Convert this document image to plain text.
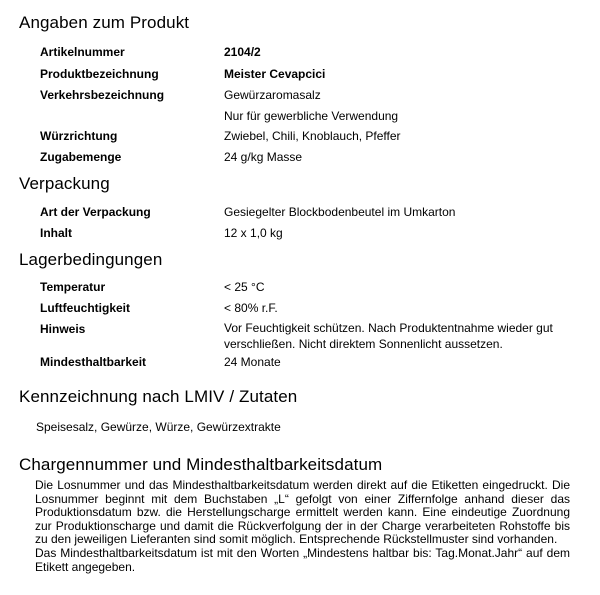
Angaben zum Produkt
Artikelnummer	2104/2
Produktbezeichnung	Meister Cevapcici
Verkehrsbezeichnung	Gewürzaromasalz
Nur für gewerbliche Verwendung
Würzrichtung	Zwiebel, Chili, Knoblauch, Pfeffer
Zugabemenge	24 g/kg Masse
Verpackung
Art der Verpackung	Gesiegelter Blockbodenbeutel im Umkarton
Inhalt	12 x 1,0 kg
Lagerbedingungen
Temperatur	< 25 °C
Luftfeuchtigkeit	< 80% r.F.
Hinweis	Vor Feuchtigkeit schützen. Nach Produktentnahme wieder gut verschließen. Nicht direktem Sonnenlicht aussetzen.
Mindesthaltbarkeit	24 Monate
Kennzeichnung nach LMIV / Zutaten
Speisesalz, Gewürze, Würze, Gewürzextrakte
Chargennummer und Mindesthaltbarkeitsdatum

Die Losnummer und das Mindesthaltbarkeitsdatum werden direkt auf die Etiketten eingedruckt. Die Losnummer beginnt mit dem Buchstaben „L“ gefolgt von einer Ziffernfolge anhand dieser das Produktionsdatum bzw. die Herstellungscharge ermittelt werden kann. Eine eindeutige Zuordnung zur Produktionscharge und damit die Rückverfolgung der in der Charge verarbeiteten Rohstoffe bis zu den jeweiligen Lieferanten sind somit möglich. Entsprechende Rückstellmuster sind vorhanden.

Das Mindesthaltbarkeitsdatum ist mit den Worten „Mindestens haltbar bis: Tag.Monat.Jahr“ auf dem Etikett angegeben.
